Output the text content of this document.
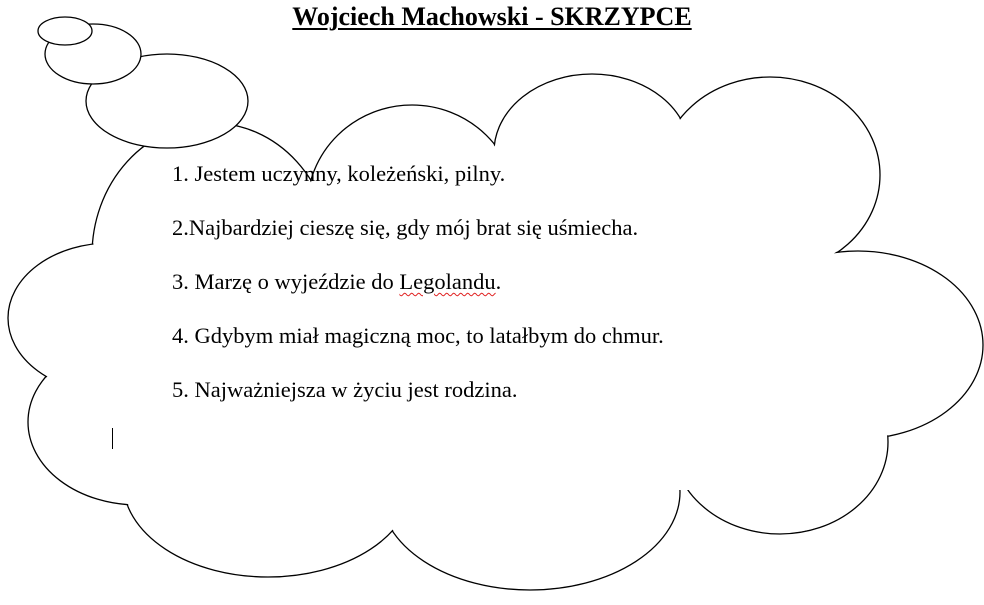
Wojciech Machowski - SKRZYPCE
1. Jestem uczynny, koleżeński, pilny.
2.Najbardziej cieszę się, gdy mój brat się uśmiecha.
3. Marzę o wyjeździe do Legolandu.
4. Gdybym miał magiczną moc, to latałbym do chmur.
5. Najważniejsza w życiu jest rodzina.
